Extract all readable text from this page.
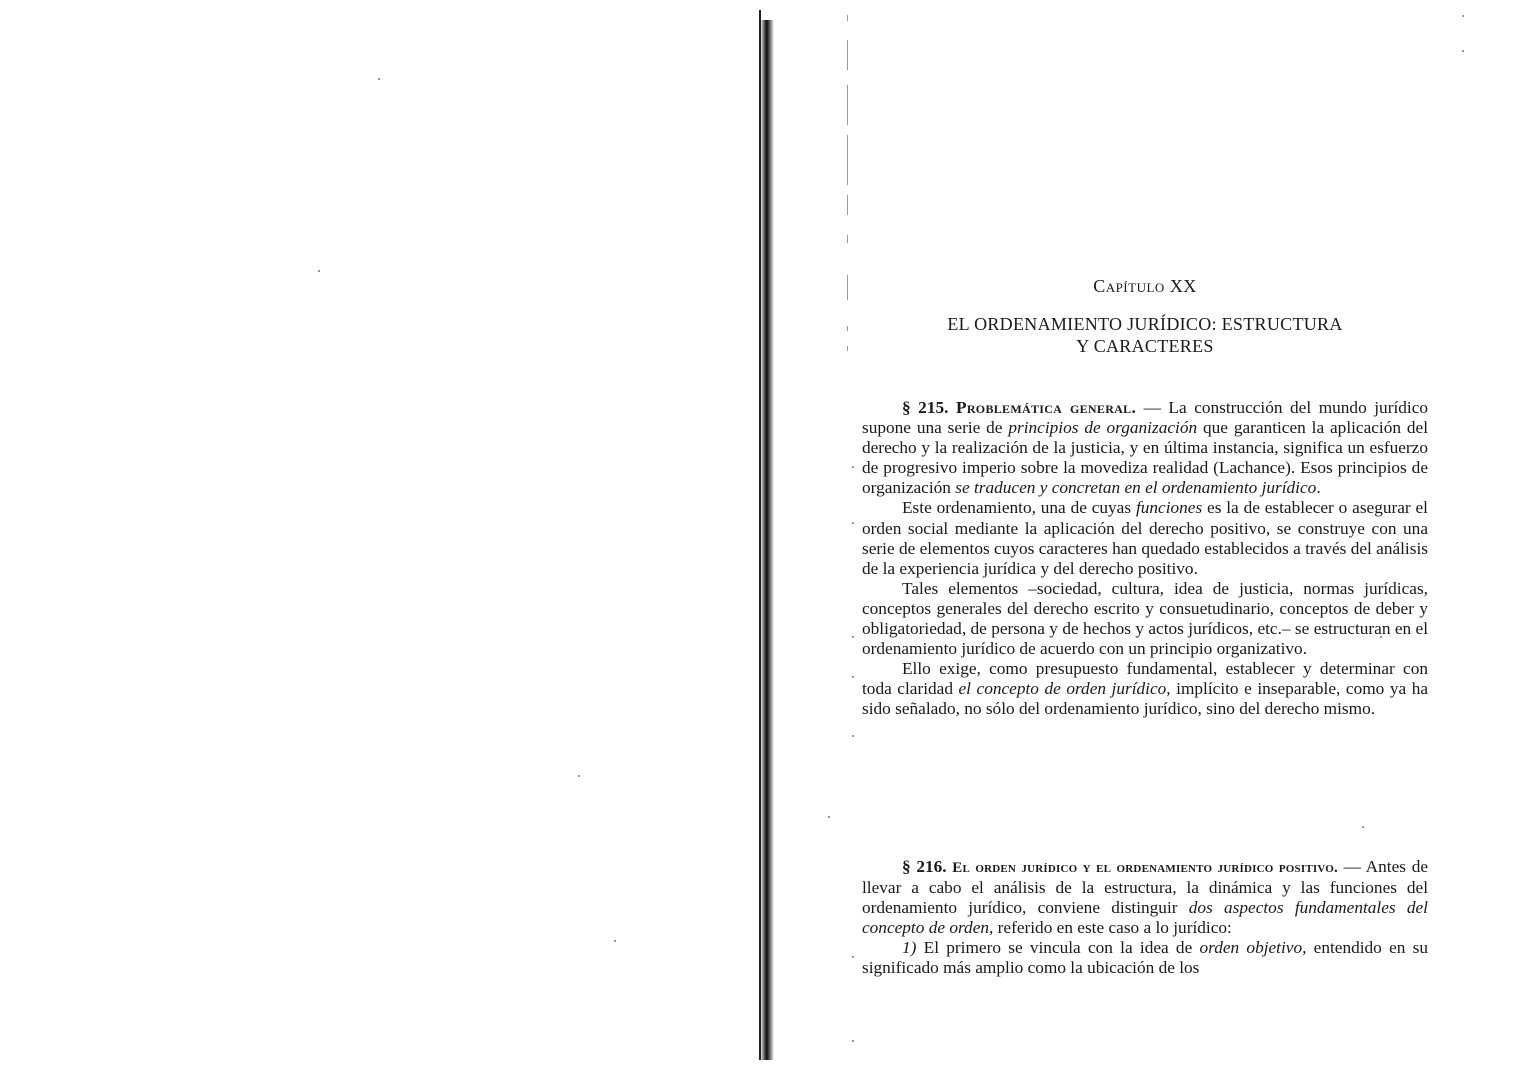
Capítulo XX
EL ORDENAMIENTO JURÍDICO: ESTRUCTURA
Y CARACTERES

§ 215. Problemática general. — La construcción del mundo jurídico supone una serie de principios de organización que garanticen la aplicación del derecho y la realización de la justicia, y en última instancia, significa un esfuerzo de progresivo imperio sobre la movediza realidad (Lachance). Esos principios de organización se traducen y concretan en el ordenamiento jurídico.

Este ordenamiento, una de cuyas funciones es la de establecer o asegurar el orden social mediante la aplicación del derecho positivo, se construye con una serie de elementos cuyos caracteres han quedado establecidos a través del análisis de la experiencia jurídica y del derecho positivo.

Tales elementos –sociedad, cultura, idea de justicia, normas jurídicas, conceptos generales del derecho escrito y consuetudinario, conceptos de deber y obligatoriedad, de persona y de hechos y actos jurídicos, etc.– se estructuran en el ordenamiento jurídico de acuerdo con un principio organizativo.

Ello exige, como presupuesto fundamental, establecer y determinar con toda claridad el concepto de orden jurídico, implícito e inseparable, como ya ha sido señalado, no sólo del ordenamiento jurídico, sino del derecho mismo.

§ 216. El orden jurídico y el ordenamiento jurídico positivo. — Antes de llevar a cabo el análisis de la estructura, la dinámica y las funciones del ordenamiento jurídico, conviene distinguir dos aspectos fundamentales del concepto de orden, referido en este caso a lo jurídico:

1) El primero se vincula con la idea de orden objetivo, entendido en su significado más amplio como la ubicación de los
